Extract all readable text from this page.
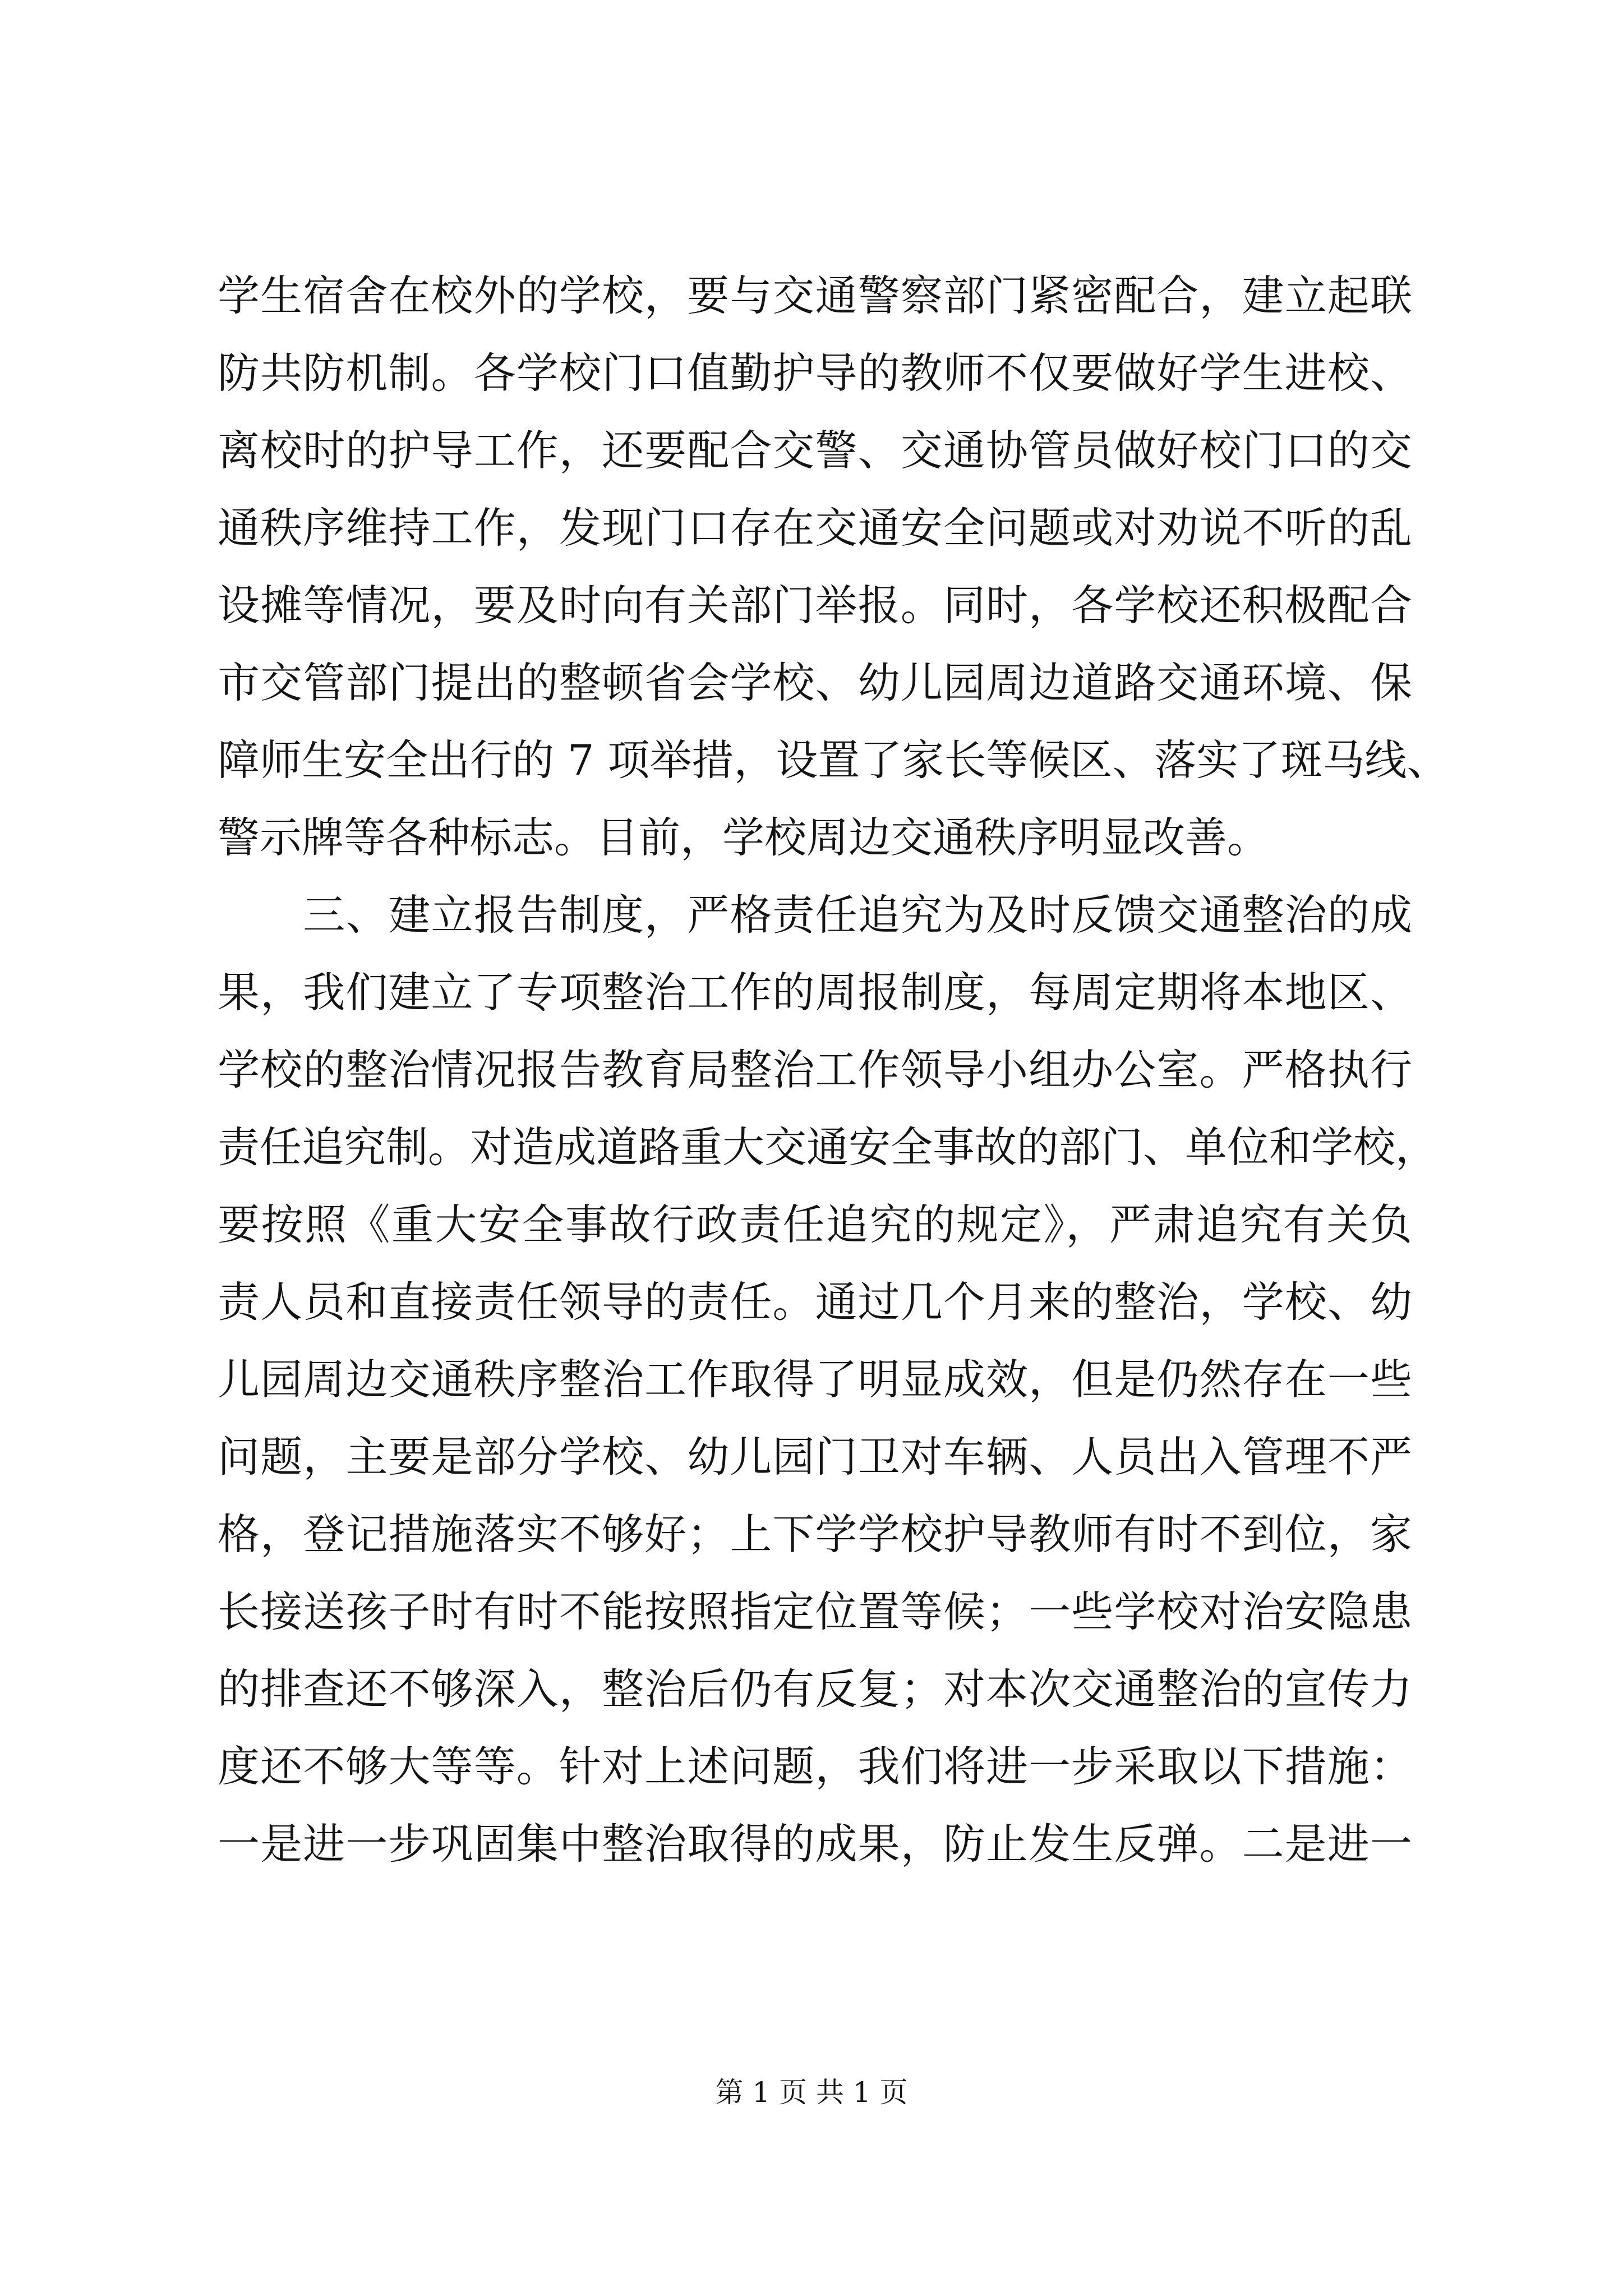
学生宿舍在校外的学校，要与交通警察部门紧密配合，建立起联
防共防机制。各学校门口值勤护导的教师不仅要做好学生进校、
离校时的护导工作，还要配合交警、交通协管员做好校门口的交
通秩序维持工作，发现门口存在交通安全问题或对劝说不听的乱
设摊等情况，要及时向有关部门举报。同时，各学校还积极配合
市交管部门提出的整顿省会学校、幼儿园周边道路交通环境、保
障师生安全出行的 7 项举措，设置了家长等候区、落实了斑马线、
警示牌等各种标志。目前，学校周边交通秩序明显改善。
　　三、建立报告制度，严格责任追究为及时反馈交通整治的成
果，我们建立了专项整治工作的周报制度，每周定期将本地区、
学校的整治情况报告教育局整治工作领导小组办公室。严格执行
责任追究制。对造成道路重大交通安全事故的部门、单位和学校，
要按照《重大安全事故行政责任追究的规定》，严肃追究有关负
责人员和直接责任领导的责任。通过几个月来的整治，学校、幼
儿园周边交通秩序整治工作取得了明显成效，但是仍然存在一些
问题，主要是部分学校、幼儿园门卫对车辆、人员出入管理不严
格，登记措施落实不够好；上下学学校护导教师有时不到位，家
长接送孩子时有时不能按照指定位置等候；一些学校对治安隐患
的排查还不够深入，整治后仍有反复；对本次交通整治的宣传力
度还不够大等等。针对上述问题，我们将进一步采取以下措施：
一是进一步巩固集中整治取得的成果，防止发生反弹。二是进一
第 1 页 共 1 页
